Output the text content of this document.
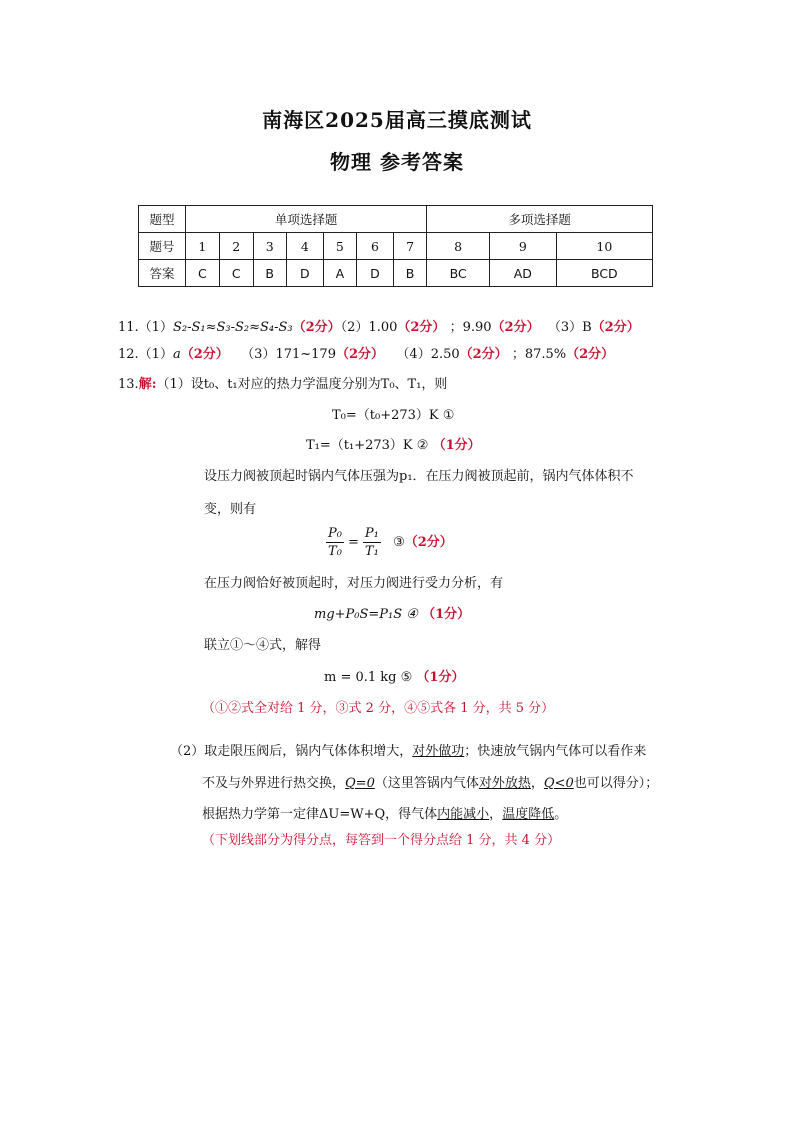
南海区2025届高三摸底测试
物理 参考答案
题型	单项选择题							多项选择题		
题号	1	2	3	4	5	6	7	8	9	10
答案	C	C	B	D	A	D	B	BC	AD	BCD
11.（1）S₂-S₁≈S₃-S₂≈S₄-S₃（2分）（2）1.00（2分） ；9.90（2分） （3）B（2分）
12.（1）a（2分） （3）171~179（2分） （4）2.50（2分） ；87.5%（2分）
13.解:（1）设t₀、t₁对应的热力学温度分别为T₀、T₁，则
T₀=（t₀+273）K ①
T₁=（t₁+273）K ② （1分）
设压力阀被顶起时锅内气体压强为p₁．在压力阀被顶起前，锅内气体体积不
变，则有
$\frac{\text{P₀}}{\text{T₀}} = \frac{\text{P₁}}{\text{T₁}}$ ③（2分）
在压力阀恰好被顶起时，对压力阀进行受力分析，有
mg+P₀S=P₁S ④ （1分）
联立①～④式，解得
m = 0.1 kg ⑤ （1分）
（①②式全对给 1 分，③式 2 分，④⑤式各 1 分，共 5 分）
（2）取走限压阀后，锅内气体体积增大，对外做功；快速放气锅内气体可以看作来
不及与外界进行热交换，Q=0（这里答锅内气体对外放热，Q<0也可以得分）；
根据热力学第一定律ΔU=W+Q，得气体内能减小，温度降低。
（下划线部分为得分点，每答到一个得分点给 1 分，共 4 分）
